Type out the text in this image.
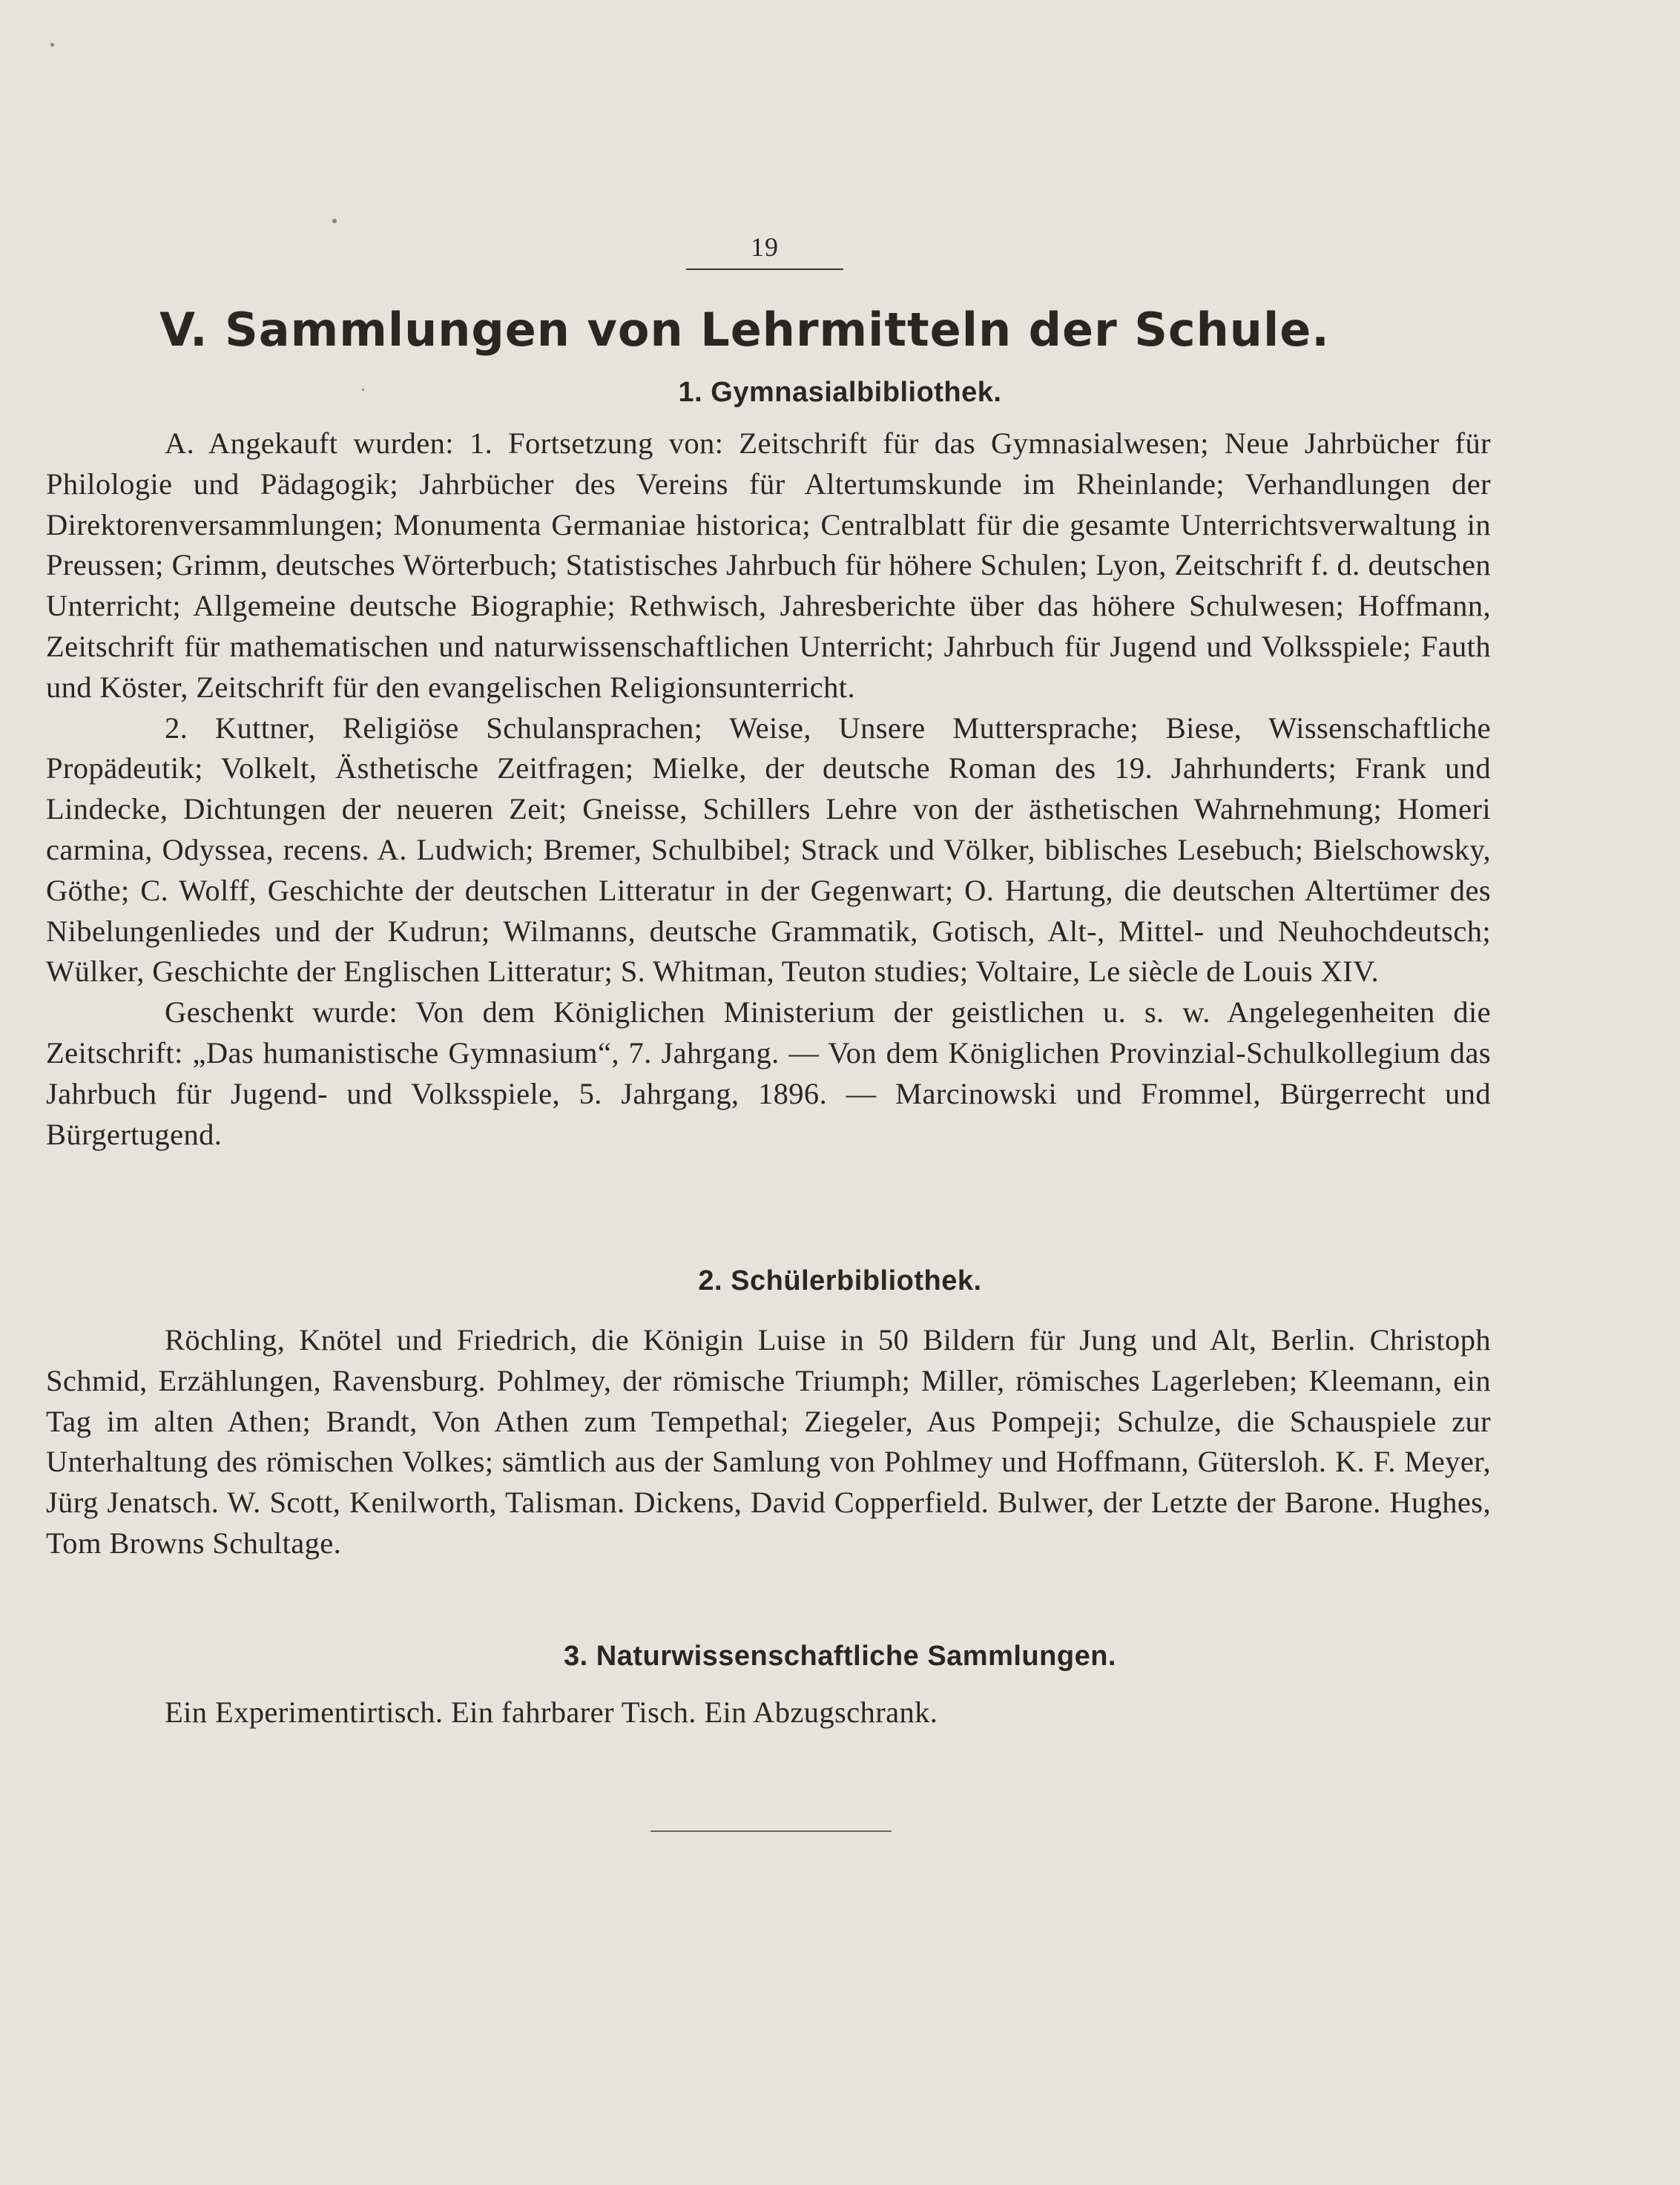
19
V. Sammlungen von Lehrmitteln der Schule.
1. Gymnasialbibliothek.

A. Angekauft wurden: 1. Fortsetzung von: Zeitschrift für das Gymnasialwesen; Neue Jahrbücher für Philologie und Pädagogik; Jahrbücher des Vereins für Altertumskunde im Rheinlande; Verhandlungen der Direktorenversammlungen; Monumenta Germaniae historica; Centralblatt für die gesamte Unterrichtsverwaltung in Preussen; Grimm, deutsches Wörterbuch; Statistisches Jahrbuch für höhere Schulen; Lyon, Zeitschrift f. d. deutschen Unterricht; Allgemeine deutsche Biographie; Rethwisch, Jahresberichte über das höhere Schulwesen; Hoffmann, Zeitschrift für mathematischen und naturwissenschaftlichen Unterricht; Jahrbuch für Jugend und Volksspiele; Fauth und Köster, Zeitschrift für den evangelischen Religionsunterricht.

2. Kuttner, Religiöse Schulansprachen; Weise, Unsere Muttersprache; Biese, Wissenschaftliche Propädeutik; Volkelt, Ästhetische Zeitfragen; Mielke, der deutsche Roman des 19. Jahrhunderts; Frank und Lindecke, Dichtungen der neueren Zeit; Gneisse, Schillers Lehre von der ästhetischen Wahrnehmung; Homeri carmina, Odyssea, recens. A. Ludwich; Bremer, Schulbibel; Strack und Völker, biblisches Lesebuch; Bielschowsky, Göthe; C. Wolff, Geschichte der deutschen Litteratur in der Gegenwart; O. Hartung, die deutschen Altertümer des Nibelungenliedes und der Kudrun; Wilmanns, deutsche Grammatik, Gotisch, Alt-, Mittel- und Neuhochdeutsch; Wülker, Geschichte der Englischen Litteratur; S. Whitman, Teuton studies; Voltaire, Le siècle de Louis XIV.

Geschenkt wurde: Von dem Königlichen Ministerium der geistlichen u. s. w. Angelegenheiten die Zeitschrift: „Das humanistische Gymnasium“, 7. Jahrgang. — Von dem Königlichen Provinzial-Schulkollegium das Jahrbuch für Jugend- und Volksspiele, 5. Jahrgang, 1896. — Marcinowski und Frommel, Bürgerrecht und Bürgertugend.

2. Schülerbibliothek.

Röchling, Knötel und Friedrich, die Königin Luise in 50 Bildern für Jung und Alt, Berlin. Christoph Schmid, Erzählungen, Ravensburg. Pohlmey, der römische Triumph; Miller, römisches Lagerleben; Kleemann, ein Tag im alten Athen; Brandt, Von Athen zum Tempethal; Ziegeler, Aus Pompeji; Schulze, die Schauspiele zur Unterhaltung des römischen Volkes; sämtlich aus der Samlung von Pohlmey und Hoffmann, Gütersloh. K. F. Meyer, Jürg Jenatsch. W. Scott, Kenilworth, Talisman. Dickens, David Copperfield. Bulwer, der Letzte der Barone. Hughes, Tom Browns Schultage.

3. Naturwissenschaftliche Sammlungen.

Ein Experimentirtisch. Ein fahrbarer Tisch. Ein Abzugschrank.
